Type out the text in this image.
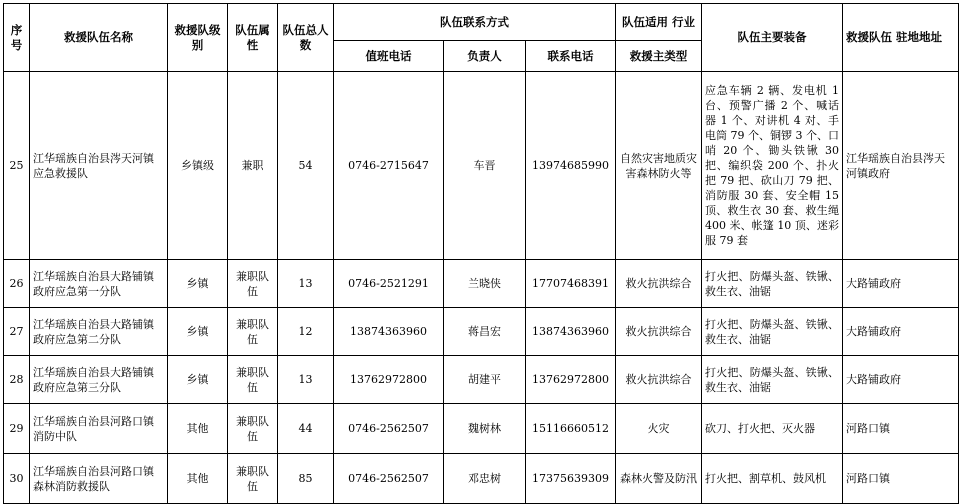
序号	救援队伍名称	救援队级别	队伍属性	队伍总人数	队伍联系方式			队伍适用 行业	队伍主要装备	救援队伍 驻地地址
					值班电话	负责人	联系电话	救援主类型		
25	江华瑶族自治县涔天河镇应急救援队	乡镇级	兼职	54	0746-2715647	车晋	13974685990	自然灾害地质灾害森林防火等	应急车辆 2 辆、发电机 1 台、预警广播 2 个、喊话器 1 个、对讲机 4 对、手电筒 79 个、铜锣 3 个、口哨 20 个、锄头铁锹 30 把、编织袋 200 个、扑火把 79 把、砍山刀 79 把、消防服 30 套、安全帽 15 顶、救生衣 30 套、救生绳 400 米、帐篷 10 顶、迷彩服 79 套	江华瑶族自治县涔天河镇政府
26	江华瑶族自治县大路铺镇政府应急第一分队	乡镇	兼职队伍	13	0746-2521291	兰晓侠	17707468391	救火抗洪综合	打火把、防爆头盔、铁锹、救生衣、油锯	大路铺政府
27	江华瑶族自治县大路铺镇政府应急第二分队	乡镇	兼职队伍	12	13874363960	蒋昌宏	13874363960	救火抗洪综合	打火把、防爆头盔、铁锹、救生衣、油锯	大路铺政府
28	江华瑶族自治县大路铺镇政府应急第三分队	乡镇	兼职队伍	13	13762972800	胡建平	13762972800	救火抗洪综合	打火把、防爆头盔、铁锹、救生衣、油锯	大路铺政府
29	江华瑶族自治县河路口镇消防中队	其他	兼职队伍	44	0746-2562507	魏树林	15116660512	火灾	砍刀、打火把、灭火器	河路口镇
30	江华瑶族自治县河路口镇森林消防救援队	其他	兼职队伍	85	0746-2562507	邓忠树	17375639309	森林火警及防汛	打火把、割草机、鼓风机	河路口镇
